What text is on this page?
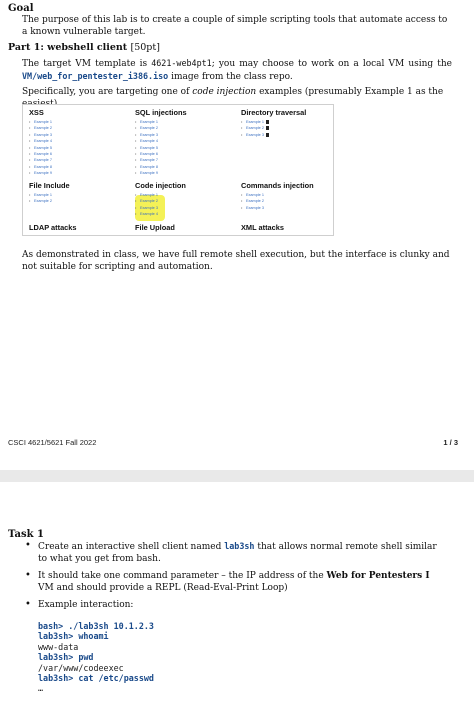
Goal
The purpose of this lab is to create a couple of simple scripting tools that automate access to a known vulnerable target.
Part 1: webshell client [50pt]
The target VM template is 4621-web4pt1; you may choose to work on a local VM using the VM/web_for_pentester_i386.iso image from the class repo.
Specifically, you are targeting one of code injection examples (presumably Example 1 as the
XSS
• Example 1
• Example 2
• Example 3
• Example 4
• Example 5
• Example 6
• Example 7
• Example 8
• Example 9
SQL injections
• Example 1
• Example 2
• Example 3
• Example 4
• Example 5
• Example 6
• Example 7
• Example 8
• Example 9
Directory traversal
• Example 1
• Example 2
• Example 3
File Include
• Example 1
• Example 2
Code injection
• Example 1
• Example 2
• Example 3
• Example 4
Commands injection
• Example 1
• Example 2
• Example 3
LDAP attacks	File Upload	XML attacks
As demonstrated in class, we have full remote shell execution, but the interface is clunky and not suitable for scripting and automation.
CSCI 4621/5621 Fall 2022	1 / 3
Task 1
• Create an interactive shell client named lab3sh that allows normal remote shell similar to what you get from bash.
• It should take one command parameter – the IP address of the Web for Pentesters I VM and should provide a REPL (Read-Eval-Print Loop)
• Example interaction:
bash> ./lab3sh 10.1.2.3
lab3sh> whoami
www-data
lab3sh> pwd
/var/www/codeexec
lab3sh> cat /etc/passwd
…
